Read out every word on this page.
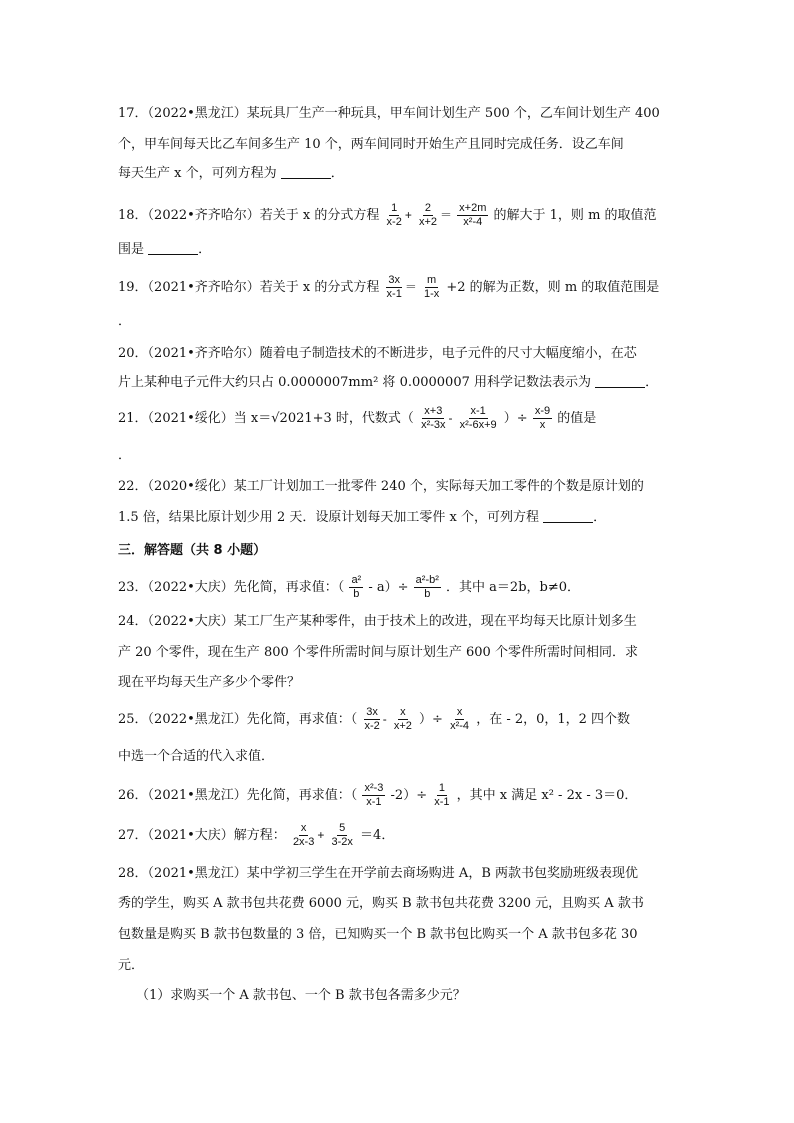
17．（2022•黑龙江）某玩具厂生产一种玩具，甲车间计划生产 500 个，乙车间计划生产 400
个，甲车间每天比乙车间多生产 10 个，两车间同时开始生产且同时完成任务．设乙车间
每天生产 x 个，可列方程为	．
18．（2022•齐齐哈尔）若关于 x 的分式方程 $\frac{1}{x-2} + \frac{2}{x+2} = \frac{x+2m}{\text{x²-4}}$ 的解大于 1，则 m 的取值范
围是	．
19．（2021•齐齐哈尔）若关于 x 的分式方程 $\frac{3x}{x-1} = \frac{m}{1-x} +2$ 的解为正数，则 m 的取值范围是
．
20．（2021•齐齐哈尔）随着电子制造技术的不断进步，电子元件的尺寸大幅度缩小，在芯
片上某种电子元件大约只占 0.0000007mm² 将 0.0000007 用科学记数法表示为	．
21．（2021•绥化）当 x＝√2021+3 时，代数式（ $\frac{x+3}{\text{x²-3x}} - \frac{x-1}{\text{x²-6x+9}}$ ）÷ $\frac{x-9}{x}$ 的值是
．
22．（2020•绥化）某工厂计划加工一批零件 240 个，实际每天加工零件的个数是原计划的
1.5 倍，结果比原计划少用 2 天．设原计划每天加工零件 x 个，可列方程	．
三．解答题（共 8 小题）
23．（2022•大庆）先化简，再求值：（ $\frac{\text{a²}}{b} - a)\div \frac{\text{a²-b²}}{b}$ ．其中 a＝2b，b≠0．
24．（2022•大庆）某工厂生产某种零件，由于技术上的改进，现在平均每天比原计划多生
产 20 个零件，现在生产 800 个零件所需时间与原计划生产 600 个零件所需时间相同．求
现在平均每天生产多少个零件？
25．（2022•黑龙江）先化简，再求值：（ $\frac{3x}{x-2} - \frac{x}{x+2}$ ）÷ $\frac{x}{\text{x²-4}}$ ，在 - 2，0，1，2 四个数
中选一个合适的代入求值．
26．（2021•黑龙江）先化简，再求值：（ $\frac{\text{x²-3}}{x-1} -2)\div \frac{1}{x-1}$ ，其中 x 满足 x² - 2x - 3＝0．
27．（2021•大庆）解方程： $\frac{x}{2x-3} + \frac{5}{3-2x} =4$．
28．（2021•黑龙江）某中学初三学生在开学前去商场购进 A，B 两款书包奖励班级表现优
秀的学生，购买 A 款书包共花费 6000 元，购买 B 款书包共花费 3200 元，且购买 A 款书
包数量是购买 B 款书包数量的 3 倍，已知购买一个 B 款书包比购买一个 A 款书包多花 30
元．
（1）求购买一个 A 款书包、一个 B 款书包各需多少元？
